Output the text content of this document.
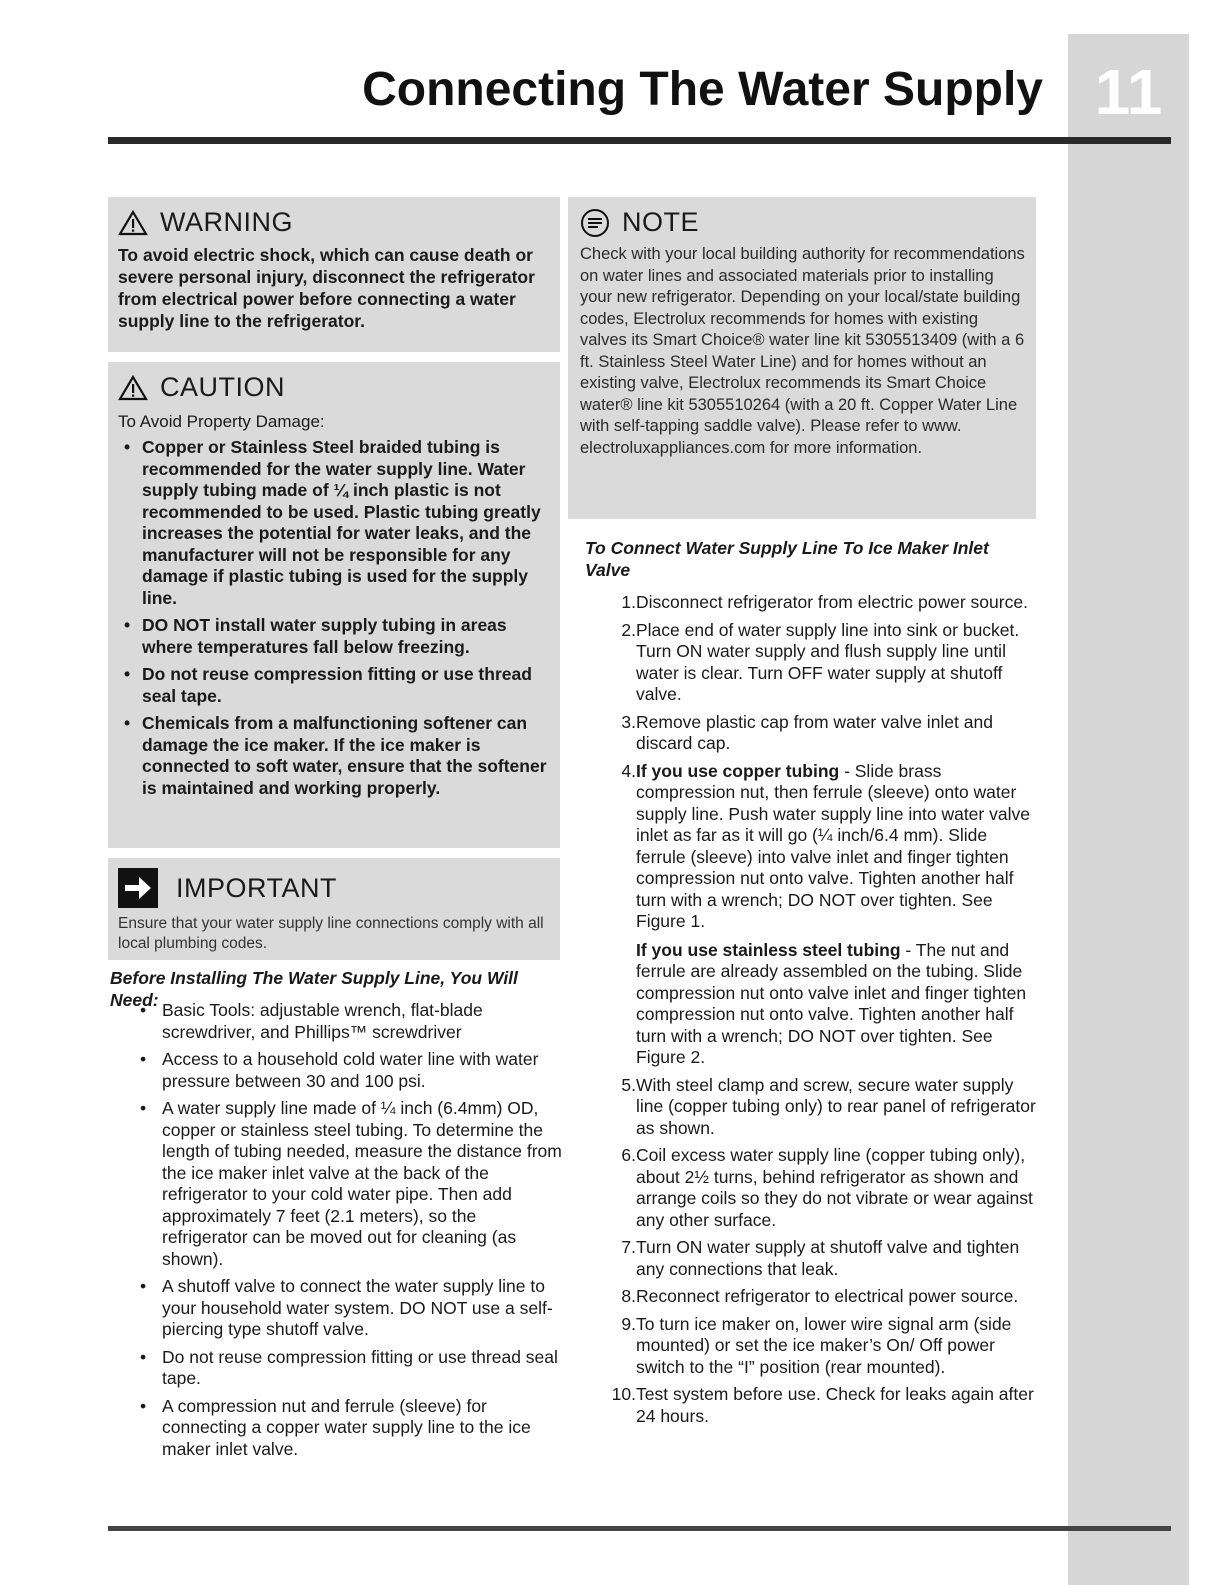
11
Connecting The Water Supply
WARNING

To avoid electric shock, which can cause death or severe personal injury, disconnect the refrigerator from electrical power before connecting a water supply line to the refrigerator.

CAUTION

To Avoid Property Damage:

• Copper or Stainless Steel braided tubing is recommended for the water supply line. Water supply tubing made of ¼ inch plastic is not recommended to be used. Plastic tubing greatly increases the potential for water leaks, and the manufacturer will not be responsible for any damage if plastic tubing is used for the supply line.
• DO NOT install water supply tubing in areas where temperatures fall below freezing.
• Do not reuse compression fitting or use thread seal tape.
• Chemicals from a malfunctioning softener can damage the ice maker. If the ice maker is connected to soft water, ensure that the softener is maintained and working properly.
IMPORTANT

Ensure that your water supply line connections comply with all local plumbing codes.

NOTE

Check with your local building authority for recommendations on water lines and associated materials prior to installing your new refrigerator. Depending on your local/state building codes, Electrolux recommends for homes with existing valves its Smart Choice® water line kit 5305513409 (with a 6 ft. Stainless Steel Water Line) and for homes without an existing valve, Electrolux recommends its Smart Choice water® line kit 5305510264 (with a 20 ft. Copper Water Line with self-tapping saddle valve). Please refer to www. electroluxappliances.com for more information.

Before Installing The Water Supply Line, You Will Need:
• Basic Tools: adjustable wrench, flat-blade screwdriver, and Phillips™ screwdriver
• Access to a household cold water line with water pressure between 30 and 100 psi.
• A water supply line made of ¼ inch (6.4mm) OD, copper or stainless steel tubing. To determine the length of tubing needed, measure the distance from the ice maker inlet valve at the back of the refrigerator to your cold water pipe. Then add approximately 7 feet (2.1 meters), so the refrigerator can be moved out for cleaning (as shown).
• A shutoff valve to connect the water supply line to your household water system. DO NOT use a self-piercing type shutoff valve.
• Do not reuse compression fitting or use thread seal tape.
• A compression nut and ferrule (sleeve) for connecting a copper water supply line to the ice maker inlet valve.
To Connect Water Supply Line To Ice Maker Inlet Valve
1. Disconnect refrigerator from electric power source.
2. Place end of water supply line into sink or bucket. Turn ON water supply and flush supply line until water is clear. Turn OFF water supply at shutoff valve.
3. Remove plastic cap from water valve inlet and discard cap.
4. If you use copper tubing - Slide brass compression nut, then ferrule (sleeve) onto water supply line. Push water supply line into water valve inlet as far as it will go (¼ inch/6.4 mm). Slide ferrule (sleeve) into valve inlet and finger tighten compression nut onto valve. Tighten another half turn with a wrench; DO NOT over tighten. See Figure 1.
If you use stainless steel tubing - The nut and ferrule are already assembled on the tubing. Slide compression nut onto valve inlet and finger tighten compression nut onto valve. Tighten another half turn with a wrench; DO NOT over tighten. See Figure 2.
5. With steel clamp and screw, secure water supply line (copper tubing only) to rear panel of refrigerator as shown.
6. Coil excess water supply line (copper tubing only), about 2½ turns, behind refrigerator as shown and arrange coils so they do not vibrate or wear against any other surface.
7. Turn ON water supply at shutoff valve and tighten any connections that leak.
8. Reconnect refrigerator to electrical power source.
9. To turn ice maker on, lower wire signal arm (side mounted) or set the ice maker’s On/ Off power switch to the “I” position (rear mounted).
10. Test system before use. Check for leaks again after 24 hours.
